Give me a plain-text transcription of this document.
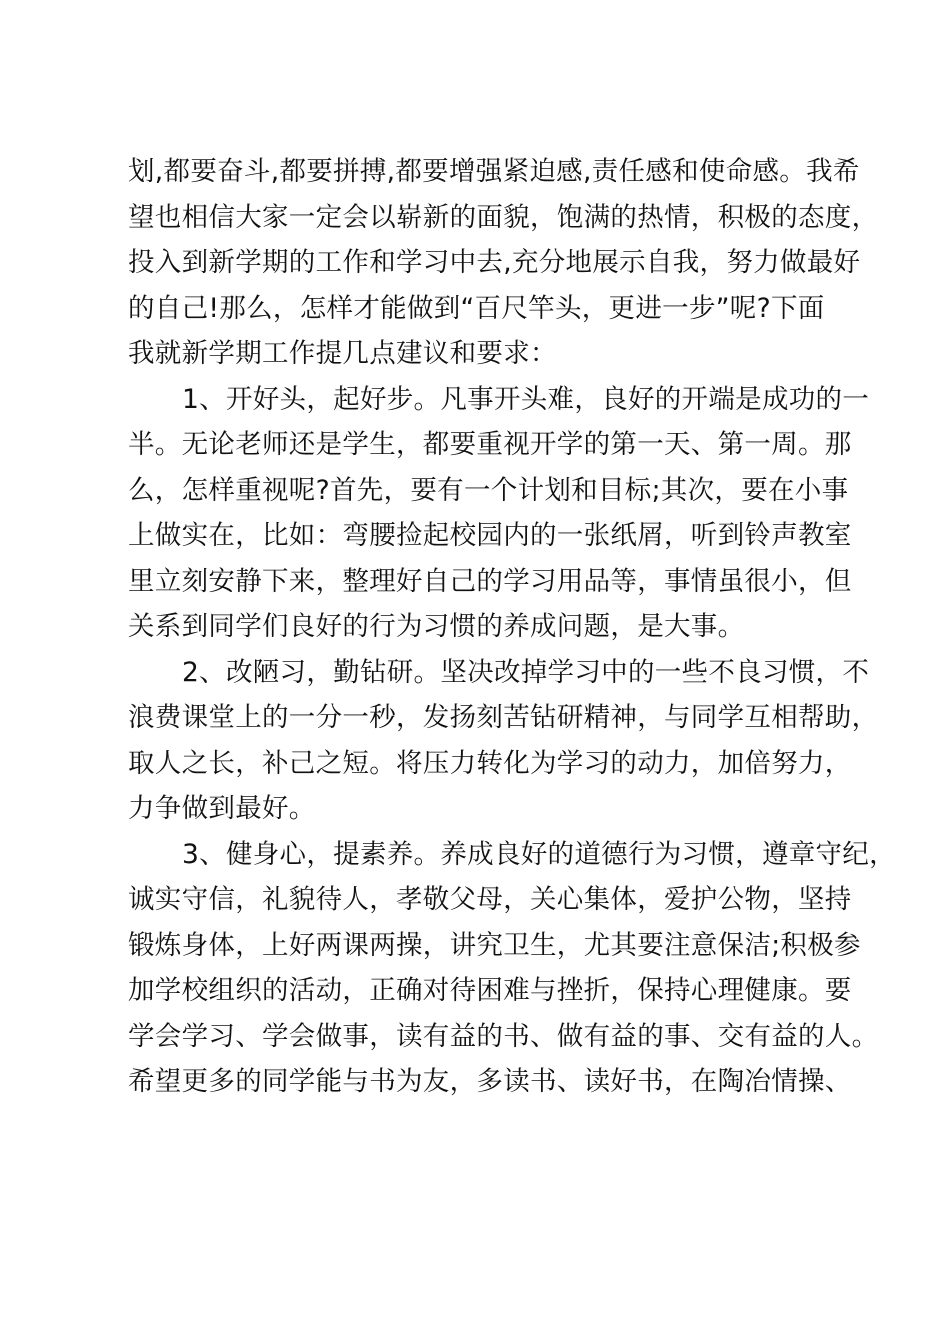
划,都要奋斗,都要拼搏,都要增强紧迫感,责任感和使命感。我希
望也相信大家一定会以崭新的面貌，饱满的热情，积极的态度，
投入到新学期的工作和学习中去,充分地展示自我，努力做最好
的自己!那么，怎样才能做到“百尺竿头，更进一步”呢?下面
我就新学期工作提几点建议和要求：
1、开好头，起好步。凡事开头难，良好的开端是成功的一
半。无论老师还是学生，都要重视开学的第一天、第一周。那
么，怎样重视呢?首先，要有一个计划和目标;其次，要在小事
上做实在，比如：弯腰捡起校园内的一张纸屑，听到铃声教室
里立刻安静下来，整理好自己的学习用品等，事情虽很小，但
关系到同学们良好的行为习惯的养成问题，是大事。
2、改陋习，勤钻研。坚决改掉学习中的一些不良习惯，不
浪费课堂上的一分一秒，发扬刻苦钻研精神，与同学互相帮助，
取人之长，补己之短。将压力转化为学习的动力，加倍努力，
力争做到最好。
3、健身心，提素养。养成良好的道德行为习惯，遵章守纪，
诚实守信，礼貌待人，孝敬父母，关心集体，爱护公物，坚持
锻炼身体，上好两课两操，讲究卫生，尤其要注意保洁;积极参
加学校组织的活动，正确对待困难与挫折，保持心理健康。要
学会学习、学会做事，读有益的书、做有益的事、交有益的人。
希望更多的同学能与书为友，多读书、读好书，在陶冶情操、
